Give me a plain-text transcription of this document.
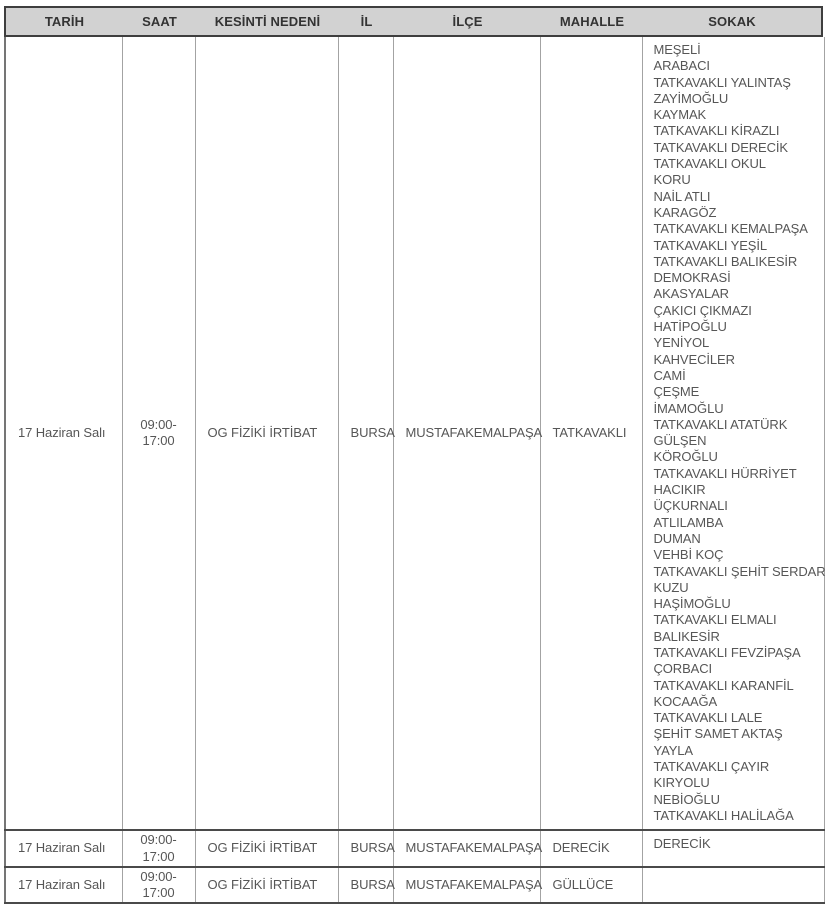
TARİH	SAAT	KESİNTİ NEDENİ	İL	İLÇE	MAHALLE	SOKAK
17 Haziran Salı	09:00-17:00	OG FİZİKİ İRTİBAT	BURSA	MUSTAFAKEMALPAŞA	TATKAVAKLI	
MEŞELİ
ARABACI
TATKAVAKLI YALINTAŞ
ZAYİMOĞLU
KAYMAK
TATKAVAKLI KİRAZLI
TATKAVAKLI DERECİK
TATKAVAKLI OKUL
KORU
NAİL ATLI
KARAGÖZ
TATKAVAKLI KEMALPAŞA
TATKAVAKLI YEŞİL
TATKAVAKLI BALIKESİR
DEMOKRASİ
AKASYALAR
ÇAKICI ÇIKMAZI
HATİPOĞLU
YENİYOL
KAHVECİLER
CAMİ
ÇEŞME
İMAMOĞLU
TATKAVAKLI ATATÜRK
GÜLŞEN
KÖROĞLU
TATKAVAKLI HÜRRİYET
HACIKIR
ÜÇKURNALI
ATLILAMBA
DUMAN
VEHBİ KOÇ
TATKAVAKLI ŞEHİT SERDAR
KUZU
HAŞİMOĞLU
TATKAVAKLI ELMALI
BALIKESİR
TATKAVAKLI FEVZİPAŞA
ÇORBACI
TATKAVAKLI KARANFİL
KOCAAĞA
TATKAVAKLI LALE
ŞEHİT SAMET AKTAŞ
YAYLA
TATKAVAKLI ÇAYIR
KIRYOLU
NEBİOĞLU
TATKAVAKLI HALİLAĞA

17 Haziran Salı	09:00-17:00	OG FİZİKİ İRTİBAT	BURSA	MUSTAFAKEMALPAŞA	DERECİK	DERECİK

17 Haziran Salı	09:00-17:00	OG FİZİKİ İRTİBAT	BURSA	MUSTAFAKEMALPAŞA	GÜLLÜCE	
